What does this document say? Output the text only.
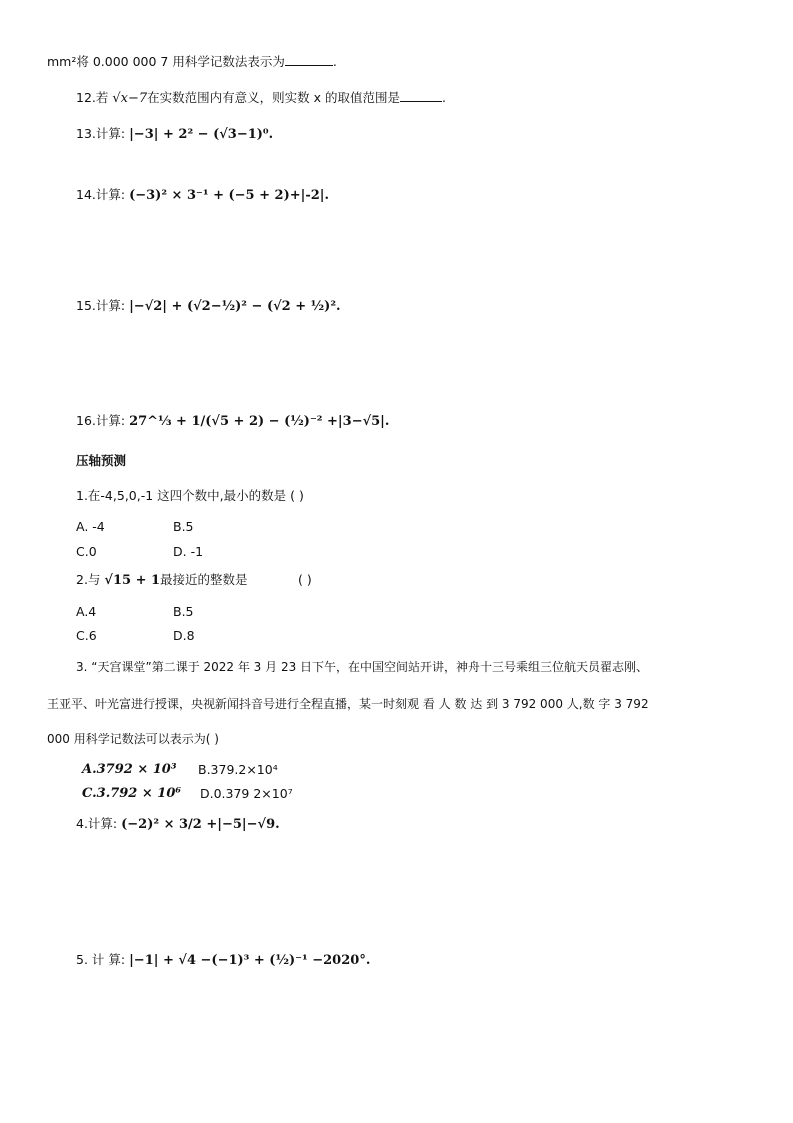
mm²将 0.000 000 7 用科学记数法表示为	.
12.若 √x−7在实数范围内有意义，则实数 x 的取值范围是	.
13.计算: |−3| + 2² − (√3−1)⁰.
14.计算: (−3)² × 3⁻¹ + (−5 + 2)+|-2|.
15.计算: |−√2| + (√2−½)² − (√2 + ½)².
16.计算: 27^⅓ + 1/(√5 + 2) − (½)⁻² +|3−√5|.
压轴预测
1.在-4,5,0,-1 这四个数中,最小的数是 ( )
A. -4	B.5
C.0	D. -1
2.与 √15 + 1最接近的整数是	( )
A.4	B.5
C.6	D.8
3. “天宫课堂”第二课于 2022 年 3 月 23 日下午，在中国空间站开讲，神舟十三号乘组三位航天员翟志刚、
王亚平、叶光富进行授课，央视新闻抖音号进行全程直播，某一时刻观 看 人 数 达 到 3 792 000 人,数 字 3 792
000 用科学记数法可以表示为( )
A.3792 × 10³ B.379.2×10⁴
C.3.792 × 10⁶ D.0.379 2×10⁷
4.计算: (−2)² × 3/2 +|−5|−√9.
5. 计 算: |−1| + √4 −(−1)³ + (½)⁻¹ −2020°.
